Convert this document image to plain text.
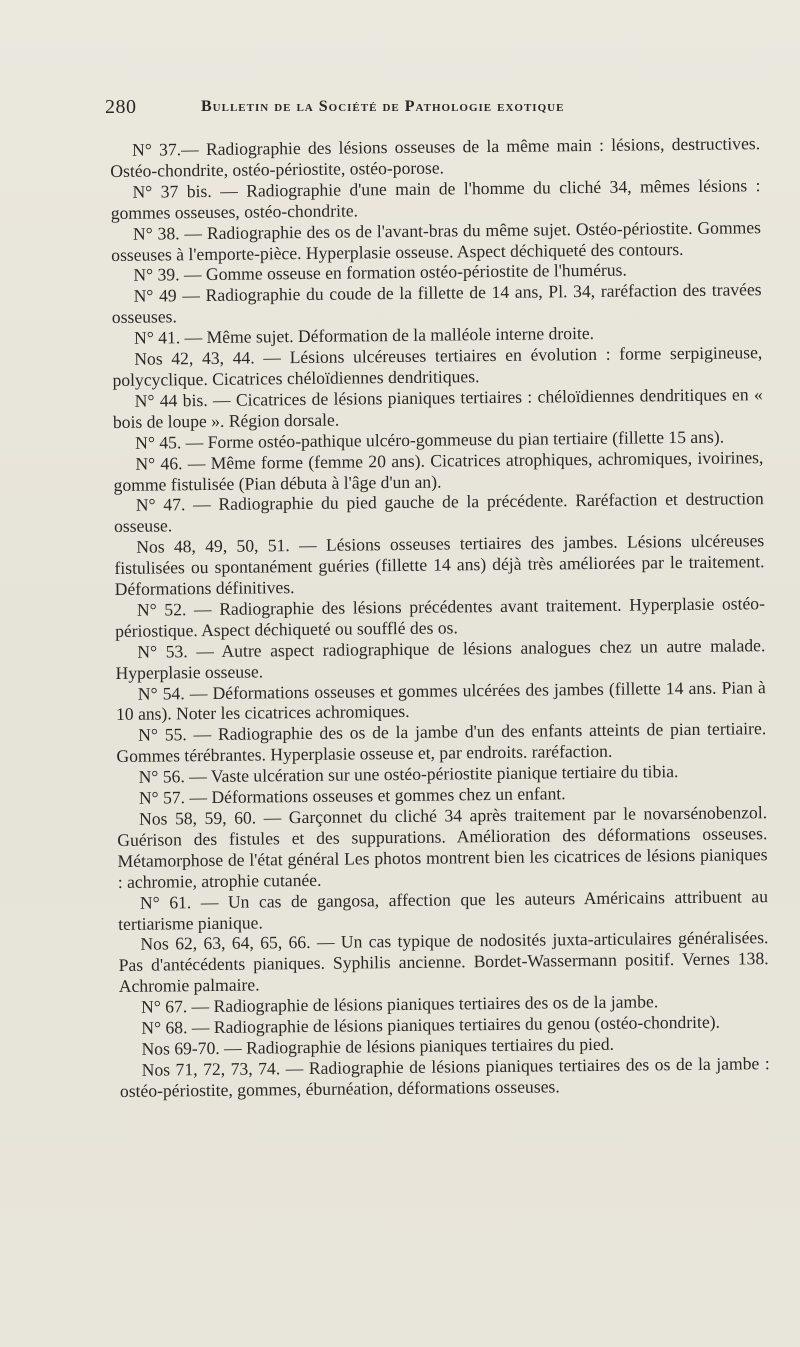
280	Bulletin de la Société de Pathologie exotique

N° 37.— Radiographie des lésions osseuses de la même main : lésions, destructives. Ostéo-chondrite, ostéo-périostite, ostéo-porose.

N° 37 bis. — Radiographie d'une main de l'homme du cliché 34, mêmes lésions : gommes osseuses, ostéo-chondrite.

N° 38. — Radiographie des os de l'avant-bras du même sujet. Ostéo-périostite. Gommes osseuses à l'emporte-pièce. Hyperplasie osseuse. Aspect déchiqueté des contours.

N° 39. — Gomme osseuse en formation ostéo-périostite de l'humérus.

N° 49 — Radiographie du coude de la fillette de 14 ans, Pl. 34, raréfaction des travées osseuses.

N° 41. — Même sujet. Déformation de la malléole interne droite.

Nos 42, 43, 44. — Lésions ulcéreuses tertiaires en évolution : forme serpigineuse, polycyclique. Cicatrices chéloïdiennes dendritiques.

N° 44 bis. — Cicatrices de lésions pianiques tertiaires : chéloïdiennes dendritiques en « bois de loupe ». Région dorsale.

N° 45. — Forme ostéo-pathique ulcéro-gommeuse du pian tertiaire (fillette 15 ans).

N° 46. — Même forme (femme 20 ans). Cicatrices atrophiques, achromiques, ivoirines, gomme fistulisée (Pian débuta à l'âge d'un an).

N° 47. — Radiographie du pied gauche de la précédente. Raréfaction et destruction osseuse.

Nos 48, 49, 50, 51. — Lésions osseuses tertiaires des jambes. Lésions ulcéreuses fistulisées ou spontanément guéries (fillette 14 ans) déjà très améliorées par le traitement. Déformations définitives.

N° 52. — Radiographie des lésions précédentes avant traitement. Hyperplasie ostéo-périostique. Aspect déchiqueté ou soufflé des os.

N° 53. — Autre aspect radiographique de lésions analogues chez un autre malade. Hyperplasie osseuse.

N° 54. — Déformations osseuses et gommes ulcérées des jambes (fillette 14 ans. Pian à 10 ans). Noter les cicatrices achromiques.

N° 55. — Radiographie des os de la jambe d'un des enfants atteints de pian tertiaire. Gommes térébrantes. Hyperplasie osseuse et, par endroits. raréfaction.

N° 56. — Vaste ulcération sur une ostéo-périostite pianique tertiaire du tibia.

N° 57. — Déformations osseuses et gommes chez un enfant.

Nos 58, 59, 60. — Garçonnet du cliché 34 après traitement par le novarsénobenzol. Guérison des fistules et des suppurations. Amélioration des déformations osseuses. Métamorphose de l'état général Les photos montrent bien les cicatrices de lésions pianiques : achromie, atrophie cutanée.

N° 61. — Un cas de gangosa, affection que les auteurs Américains attribuent au tertiarisme pianique.

Nos 62, 63, 64, 65, 66. — Un cas typique de nodosités juxta-articulaires généralisées. Pas d'antécédents pianiques. Syphilis ancienne. Bordet-Wassermann positif. Vernes 138. Achromie palmaire.

N° 67. — Radiographie de lésions pianiques tertiaires des os de la jambe.

N° 68. — Radiographie de lésions pianiques tertiaires du genou (ostéo-chondrite).

Nos 69-70. — Radiographie de lésions pianiques tertiaires du pied.

Nos 71, 72, 73, 74. — Radiographie de lésions pianiques tertiaires des os de la jambe : ostéo-périostite, gommes, éburnéation, déformations osseuses.
